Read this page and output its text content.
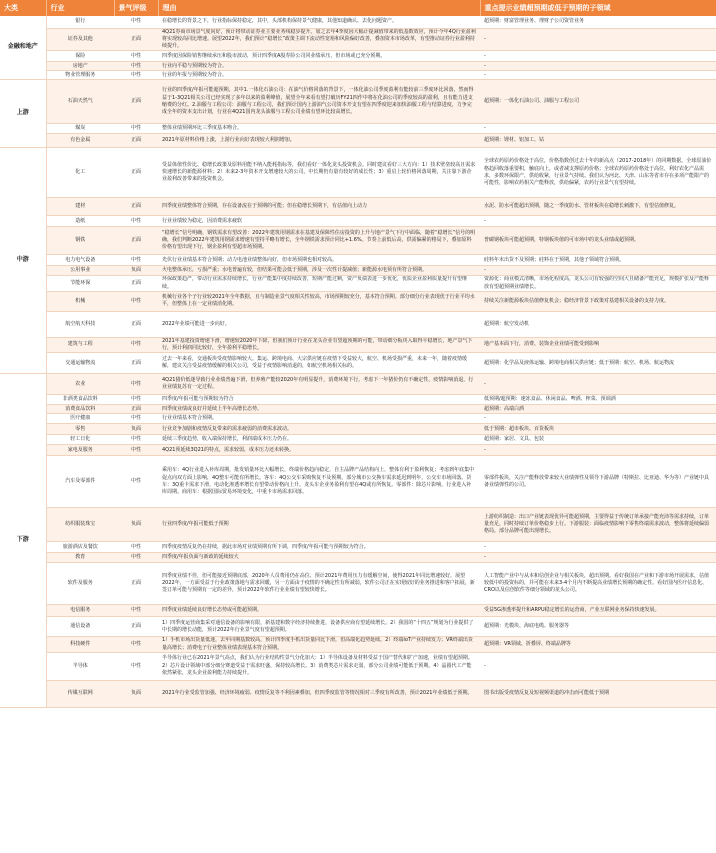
大类	行业	景气评级	理由	重点提示业绩超预期或低于预期的子领域
金融和地产	银行	中性	在稳增长的背景之下，行业指标保持稳定，其中，头部机构保持景气健康，其他知道确认、去化问题资产。	超预期：财富管理业务、理财子公司资管业务
	证券及其他	正面	4Q21券商市场景气度向好，预计将带动证券业主要业务线稳步提升。加之去年4季度因大幅计提减值带来的低基数效应，预计今年4Q行业盈利将实现较高同比增速。展望2022年，我们预计“稳增长”政策主调下流动性宽裕和风险偏好改善，叠加资本市场改革，有望推动证券行业盈利持续提升。	-
	保险	中性	四季度因保险销售继续承压和股市波动，预计四季度A股寿险公司同业绩承压，但市场或已充分预期。	-
	房地产	中性	行业向平稳与预期较为符合。	-
	物业管理服务	中性	行业的年报与预期较为符合。	-
上游	石油天然气	正面	行业的四季度/年报可能超预期。其中1.一体化石油公司：在油气价格同落的背景下，一体化油公司季度盈利有能较前三季度环比回落，然而得益于1-3Q21相关公司已经实现了多年以来的盈利峰值，展望全年来看有望打破历FY21四作中将在化油公司的季度较高的盈利，且有能力进支缩费的分红。2.油服与工程公司：油服与工程公司，我们预计国内上游油气公司资本开支有望在四季度迎来加快油服工程与结算进度，力争完成全年的资本支出计划，行业在4Q21国内龙头油服与工程公司业绩有望环比较高增长。	超预期：一体化石油公司、油服与工程公司
	煤炭	中性	整体业绩预期环比三季度基本吻合。	-
	有色金属	正面	2021年原材料价格上涨，上游行业向好表现较大利润增加。	超预期：锂材、铝加工、钴
中游	化工	正面	受益体值性价比、稳增长政策及原料用能不纳入能耗指标等，我们看好一体化龙头投资机会。同时建议看好三大方向：1）技术壁垒较高且需求快速增长的新能源材料；2）未来2-3年资本开支增速较大的公司，中长期仍有量有较好的成长性；3）重启上轮价格回落周期，关注靠下游企业盈利改善带来的投资机会。	全球农药原药价格处于高位，价格指数创过去十年的新高点（2017-2018年）的同期数据。全球原油价格趋回收落重要积，触底向上，或者减支撑原药价格；全球农药原药价格处于高位，利好农化产品需求，多数环保限产，供给收紧，行业景气持续。我们认为河北、天津、山东等省市存在多项产能限产的可能性，影响农药相关产能释放，供给偏紧，农药行业景气有望持续。
	建材	正面	四季度业绩整体符合预期，存在设备流在于预期的可能；但在稳增长预期下，有估值向上动力	水泥、防水可能超出预期，随之一季度防水、管材板块在稳增长刺激下，有望估值修复。
	造纸	中性	行业业绩较为稳定，因消费需求疲软	-
	钢铁	正面	“稳增长”信号明确，钢铁需求有望改善：2022年建筑用钢需求在基建及保障性住房投资的上升与地产景气下行中面临，随着“稳增长”信号的明确，我们判断2022年建筑用钢需求增速有望持平略有增长，全年钢铁需求预计同比+1.6%。节奏上前低后高，供需偏紧的格局下，叠加原料价格有望出现下行，钢企盈利有望超市场预期。	普碳钢板块可能超预期，特钢板块值的可市场中的龙头业绩或超预期。
	电力电气设备	中性	光伏行业业绩基本符合预期；动力电池业绩整体向好，但市场预期也相对较高。	硅料年末出货不及预期；硅料在于预期，其他子领域符合预期。
	公用事业	负面	火电整体承压，亏损严重；水电普遍有较，但结果可能会低于预期，涉及一次性计提减值；新能源水电预有所符合预期。	-
	节能环保	正面	环保政策趋严，带动行业需求持续增长，行业产能集中度持续改善，短期产能过剩，资产负债表进一步优化，优质企业盈利质量提升有望继续。	资源化：商业模式清晰，市场化程度高，龙头公司有较强的空间大且储备产能充足，规模扩张及产能释放有望超预期业绩增长。
	机械	中性	机械行业各个子行业较2021年全年数据，且与制造业景气度相关性较高，市场预期较充分，基本符合预期。部分细分行业表现优于行业平均水平，但整体上在一定业绩消化期。	持续关注新能源板块估值修复机会；稳经济背景下政策对基建相关设备的支持力度。
	航空航天科技	正面	2022年业绩可能进一步向好。	超预期：航空发动机
	建筑与工程	中性	2021年基建投资增速下滑，增速较2020年下降，但我们预计行业在龙头企业有望超预期的可能，带动细分板块入取得平稳增长，地产景气下行，预计利润同比较好，全年盈利平稳增长。	地产基本面下行，消费、装饰企业业绩可能受到影响
	交通运输物流	正面	过去一年来看，交通板块受疫情影响较大。集运、跨境电商、大宗供应链在疫情下受益较大，航空、机场受损严重，未来一年，随着疫情缓解，建议关注受益疫情缓解的相关公司，受益于疫情影响消退的，如航空机场相关标的。	超预期：化学品及液体运输、跨境电商相关供应链；低于预期：航空、机场、航运物流
下游	农业	中性	4Q21猪价低迷导致行业业绩普遍下滑，但养殖产能较2020年有明显提升，消费环境下行，考虑下一年猪价仍有不确定性，疫情影响消退，行业业绩复苏有一定过程。	-
	非酒类食品饮料	中性	四季度/年报可能与预期较为符合	低预期/超预期：速冻食品、休闲食品、啤酒、榨菜、预调酒
	消费食品饮料	正面	四季度业绩或良好并延续上半年高增长态势。	超预期：高端白酒
	医疗健康	中性	行业业绩基本符合预期。	-
	零售	负面	行业竞争加剧和疫情反复带来的需求疲弱的消费需求波动。	低于预期：超市板块、百货板块
	轻工日化	中性	延续三季度趋势，收入端保持增长，利润端成本压力仍在。	超预期：家居、文具、包装
	家电及服务	中性	4Q21预延续3Q21的特点，需求较弱，成本压力还未转换。	-
	汽车及零部件	中性	乘用车：4Q行业进入补库周期，批发销量环比大幅增长，终端价格趋向稳定，自主品牌产品结构向上，整体有利于盈利恢复；考虑到年底集中促点向双方面上影响，4Q整车可能有所增长。客车：4Q公交车采购恢复不及预期，部分城市公交换车需求延迟到明年，公交车市场回落。货车：3Q重卡需求下滑，电动化渗透率增长有望带动价格向上升，龙头车企业务盈利有望在4Q或有所恢复。零部件：除芯片影响，行业进入补库周期。商用车：根据国际贸易环境变化，中重卡市场需求回落。	零部件板块，关注产能释放带来较大业绩弹性及领导下游品牌（特斯拉、比亚迪、华为等）产业链中具备业绩弹性的公司。
	纺织服装珠宝	负面	行业四季度/年报可能低于预期	上游纺织制造：出口产业链表现优异可能超预期，主要得益于传统订单承接产能充沛等需求持续，订单量充足，同时持续订单价格稳步上行。下游服装：面临疫情影响下零售终端需求波动，整体将延续偏弱格局。部分品牌可能出现增长。
	旅游酒店及餐饮	中性	四季度疫情反复仍在持续，据此市场对业绩预期有所下调，四季度/年报可能与预期较为符合。	-
	教育	中性	四季度/年报负面与新政的延续较大	-
	软件及服务	正面	四季度业绩不佳，但可能接近预期底部，2020年人员费用仍在高位、预计2021年费用压力有缓解空间，使得2021年同比增速较好，展望2022年，一方面受益于行业政策落地与需求回暖，另一方面由于疫情的不确定性有所减弱，软件公司正在实现较好的业务推进和客户拓展，新签订单可能与预期有一定的差异，预计2022年软件行业业绩有望较快增长。	人工智能产业中与从本和信创企业与相关板块，超出预期。看好我国在产业和下游市场开展需求，估值较低中的投资标的，并可能在未来3-4个月内不断提高业绩增长预期的确定性。看好国内医疗信息化、CRO以及信创软件等细分领域的龙头公司。
	电信服务	中性	四季度业绩延续良好增长态势或可能超预期。	受益5G渗透率提升和ARPU稳定增长的运营商，产业互联网业务保持快速发展。
	通信设备	正面	1）四季度运营商集采对通信设备的影响有限，新基建和数字经济持续推进，设备供应商有望延续增长。2）我国的“十四五”规划为行业提供了中长期的增长动能，预计2022年行业景气度有望超预期。	超预期：光模块、海底电缆、服务器等
	科技硬件	中性	1）手机市场出货量低迷，去年同期基数较高，预计四季度手机出货量同比下滑，但高端化趋势延续。2）终端IoT产业持续发力；VR终端出货量高增长；消费电子行业整体业绩表现基本符合预期。	超预期：VR领域、折叠屏、终端品牌等
	半导体	中性	半导体行业已在2021年景气高点，我们认为行业结构性景气分化加大：1）半导体设备及材料受益于国产替代和扩产加速，业绩有望超预期。2）芯片设计领域中部分细分赛道受益于需求旺盛，保持较高增长。3）消费类芯片需求走弱，部分公司业绩可能低于预期。4）晶圆代工产能依然紧张，龙头企业盈利能力持续提升。	-
	传媒互联网	负面	2021年行业受监管加强、经济环境疲弱、疫情反复等不利因素叠加，但四季度监管等情况相对三季度有所改善，预计2021年业绩低于预期。	图书出版受疫情反复及短视频渠道的冲击而可能低于预期
